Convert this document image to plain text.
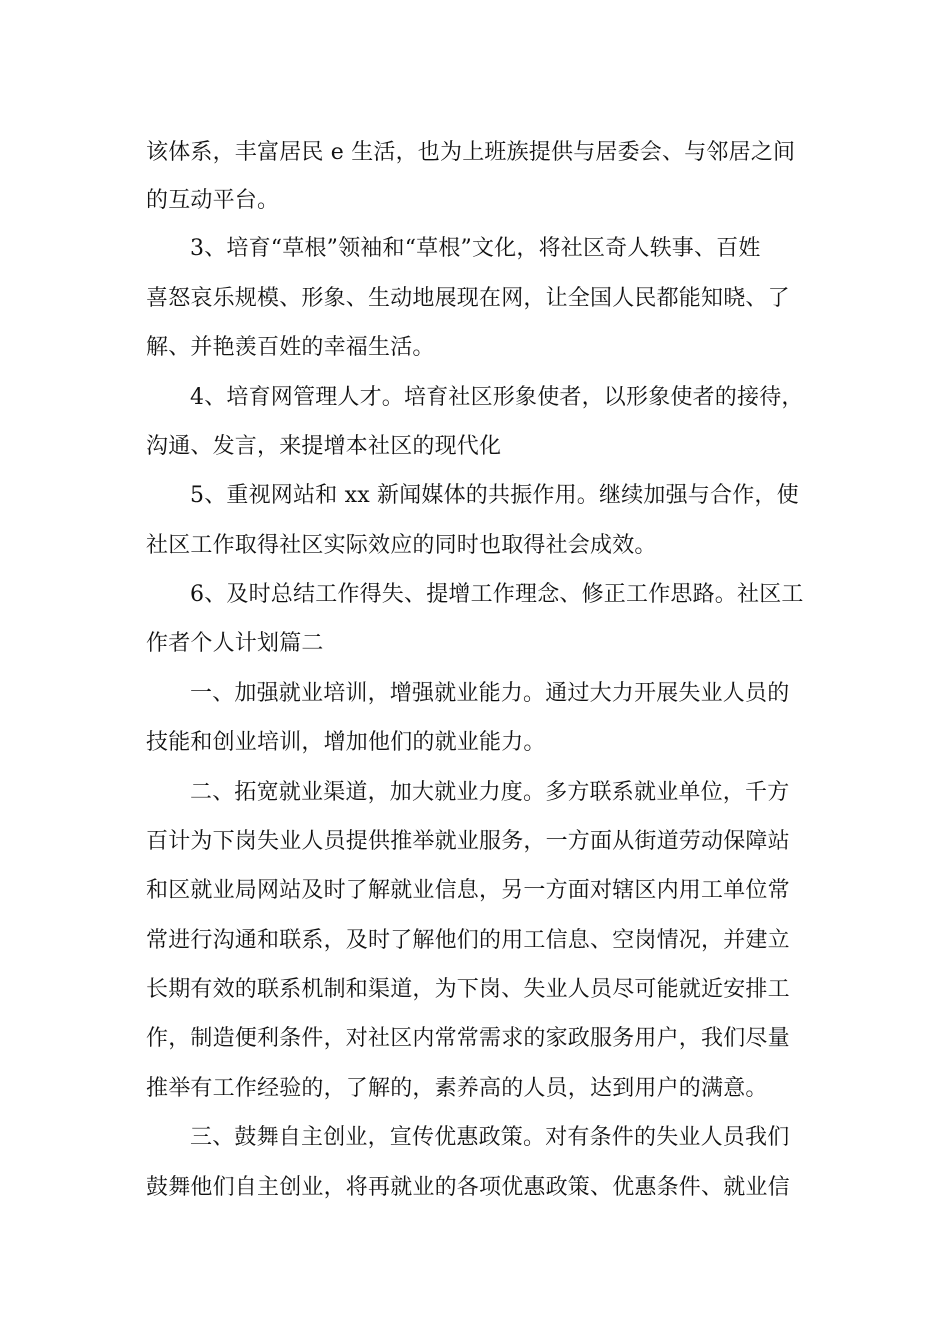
该体系，丰富居民 e 生活，也为上班族提供与居委会、与邻居之间
的互动平台。
3、培育“草根”领袖和“草根”文化，将社区奇人轶事、百姓
喜怒哀乐规模、形象、生动地展现在网，让全国人民都能知晓、了
解、并艳羡百姓的幸福生活。
4、培育网管理人才。培育社区形象使者，以形象使者的接待，
沟通、发言，来提增本社区的现代化
5、重视网站和 xx 新闻媒体的共振作用。继续加强与合作，使
社区工作取得社区实际效应的同时也取得社会成效。
6、及时总结工作得失、提增工作理念、修正工作思路。社区工
作者个人计划篇二
一、加强就业培训，增强就业能力。通过大力开展失业人员的
技能和创业培训，增加他们的就业能力。
二、拓宽就业渠道，加大就业力度。多方联系就业单位，千方
百计为下岗失业人员提供推举就业服务，一方面从街道劳动保障站
和区就业局网站及时了解就业信息，另一方面对辖区内用工单位常
常进行沟通和联系，及时了解他们的用工信息、空岗情况，并建立
长期有效的联系机制和渠道，为下岗、失业人员尽可能就近安排工
作，制造便利条件，对社区内常常需求的家政服务用户，我们尽量
推举有工作经验的，了解的，素养高的人员，达到用户的满意。
三、鼓舞自主创业，宣传优惠政策。对有条件的失业人员我们
鼓舞他们自主创业，将再就业的各项优惠政策、优惠条件、就业信
